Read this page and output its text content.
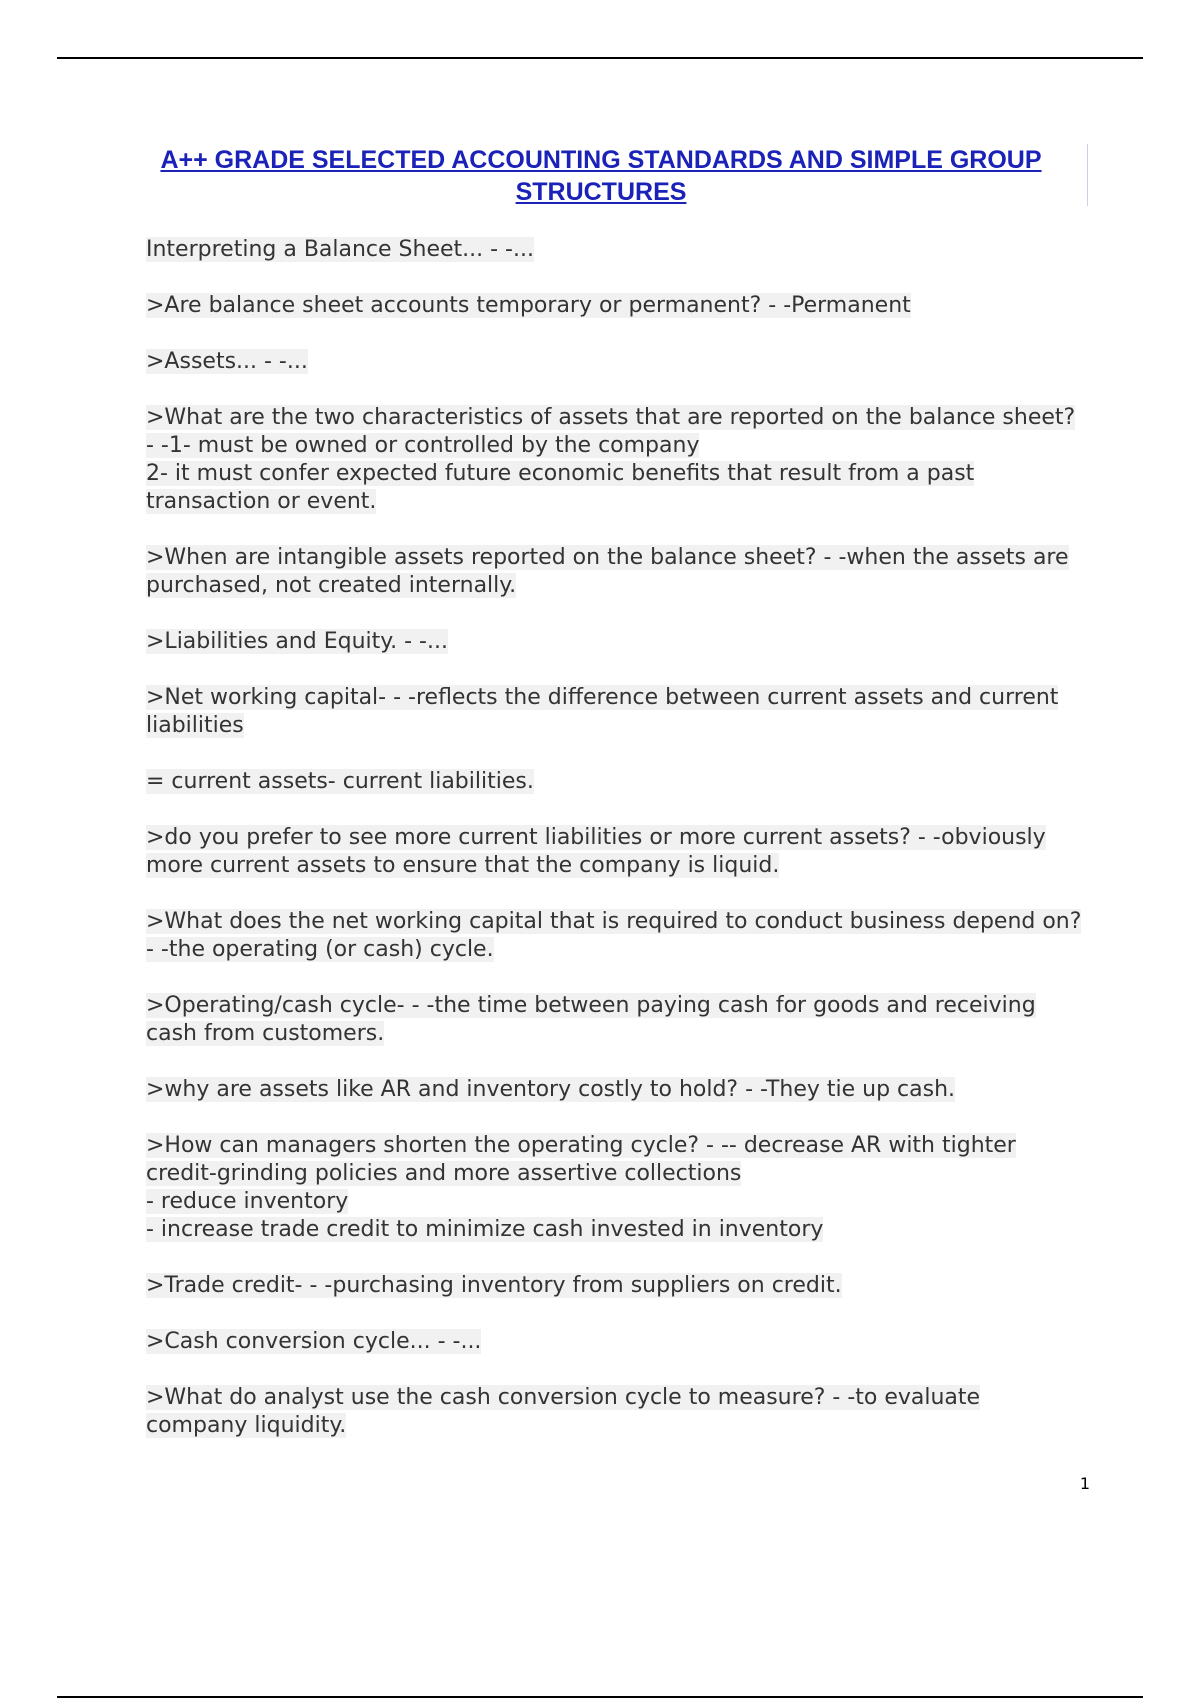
A++ GRADE SELECTED ACCOUNTING STANDARDS AND SIMPLE GROUP STRUCTURES

Interpreting a Balance Sheet... - -...

>Are balance sheet accounts temporary or permanent? - -Permanent

>Assets... - -...

>What are the two characteristics of assets that are reported on the balance sheet? - -1- must be owned or controlled by the company
2- it must confer expected future economic benefits that result from a past transaction or event.

>When are intangible assets reported on the balance sheet? - -when the assets are purchased, not created internally.

>Liabilities and Equity. - -...

>Net working capital- - -reflects the difference between current assets and current liabilities

= current assets- current liabilities.

>do you prefer to see more current liabilities or more current assets? - -obviously more current assets to ensure that the company is liquid.

>What does the net working capital that is required to conduct business depend on? - -the operating (or cash) cycle.

>Operating/cash cycle- - -the time between paying cash for goods and receiving cash from customers.

>why are assets like AR and inventory costly to hold? - -They tie up cash.

>How can managers shorten the operating cycle? - -- decrease AR with tighter credit-grinding policies and more assertive collections
- reduce inventory
- increase trade credit to minimize cash invested in inventory

>Trade credit- - -purchasing inventory from suppliers on credit.

>Cash conversion cycle... - -...

>What do analyst use the cash conversion cycle to measure? - -to evaluate company liquidity.

1
